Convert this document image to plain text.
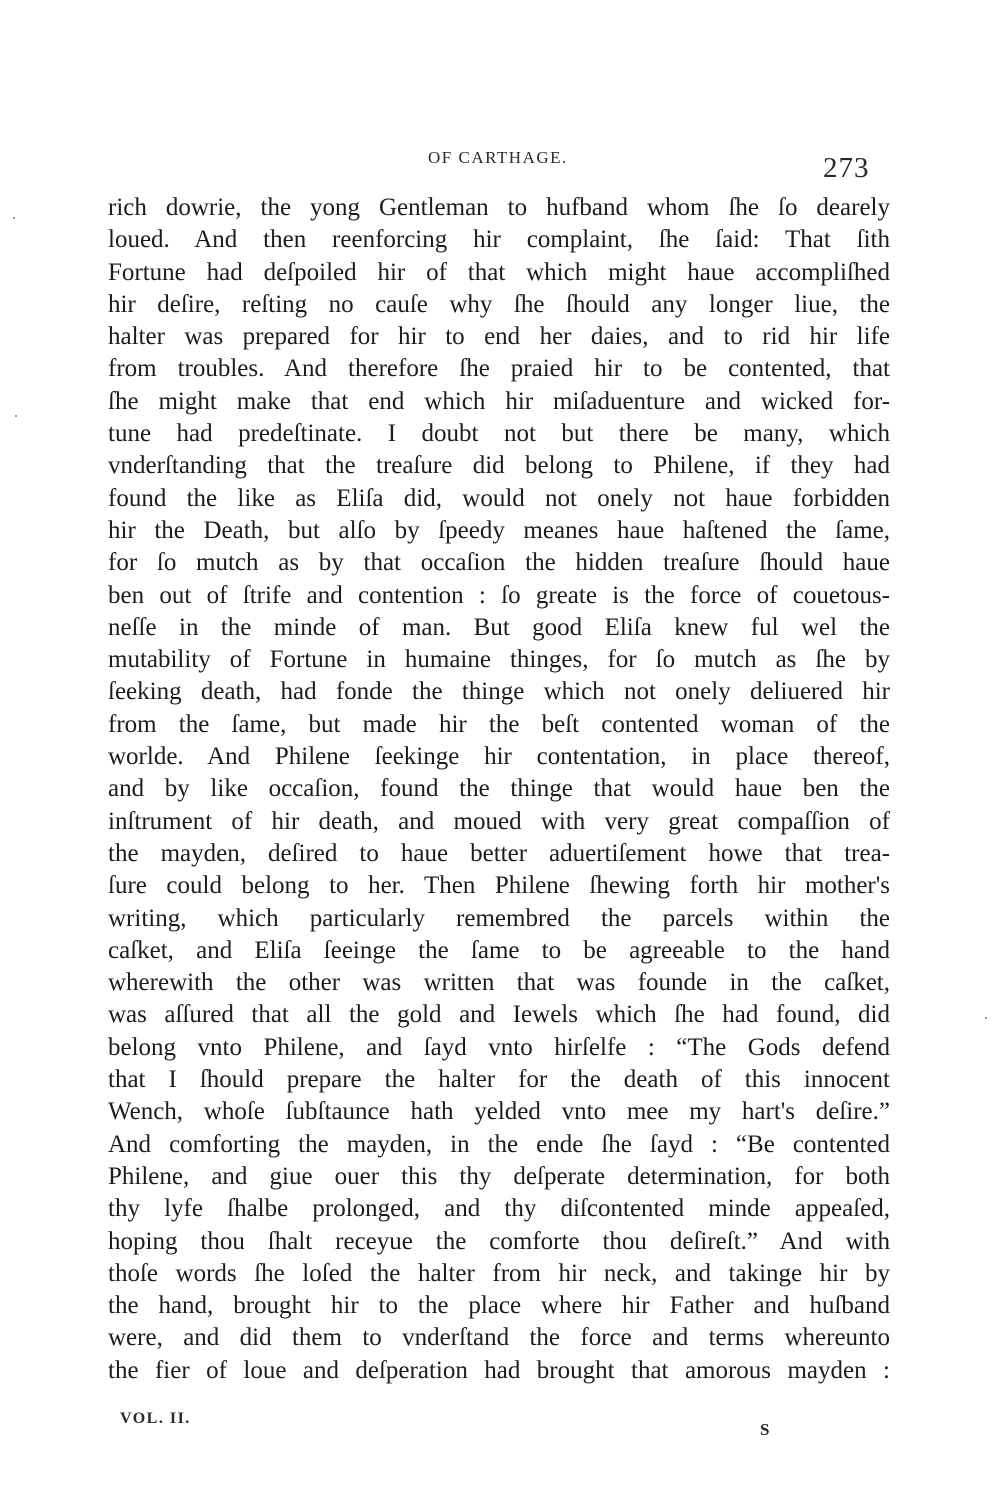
OF CARTHAGE.	273
rich dowrie, the yong Gentleman to hufband whom ſhe ſo dearely
loued. And then reenforcing hir complaint, ſhe ſaid: That ſith
Fortune had deſpoiled hir of that which might haue accompliſhed
hir deſire, reſting no cauſe why ſhe ſhould any longer liue, the
halter was prepared for hir to end her daies, and to rid hir life
from troubles. And therefore ſhe praied hir to be contented, that
ſhe might make that end which hir miſaduenture and wicked for-
tune had predeſtinate. I doubt not but there be many, which
vnderſtanding that the treaſure did belong to Philene, if they had
found the like as Eliſa did, would not onely not haue forbidden
hir the Death, but alſo by ſpeedy meanes haue haſtened the ſame,
for ſo mutch as by that occaſion the hidden treaſure ſhould haue
ben out of ſtrife and contention : ſo greate is the force of couetous-
neſſe in the minde of man. But good Eliſa knew ful wel the
mutability of Fortune in humaine thinges, for ſo mutch as ſhe by
ſeeking death, had fonde the thinge which not onely deliuered hir
from the ſame, but made hir the beſt contented woman of the
worlde. And Philene ſeekinge hir contentation, in place thereof,
and by like occaſion, found the thinge that would haue ben the
inſtrument of hir death, and moued with very great compaſſion of
the mayden, deſired to haue better aduertiſement howe that trea-
ſure could belong to her. Then Philene ſhewing forth hir mother's
writing, which particularly remembred the parcels within the
caſket, and Eliſa ſeeinge the ſame to be agreeable to the hand
wherewith the other was written that was founde in the caſket,
was aſſured that all the gold and Iewels which ſhe had found, did
belong vnto Philene, and ſayd vnto hirſelfe : “The Gods defend
that I ſhould prepare the halter for the death of this innocent
Wench, whoſe ſubſtaunce hath yelded vnto mee my hart's deſire.”
And comforting the mayden, in the ende ſhe ſayd : “Be contented
Philene, and giue ouer this thy deſperate determination, for both
thy lyfe ſhalbe prolonged, and thy diſcontented minde appeaſed,
hoping thou ſhalt receyue the comforte thou deſireſt.” And with
thoſe words ſhe loſed the halter from hir neck, and takinge hir by
the hand, brought hir to the place where hir Father and huſband
were, and did them to vnderſtand the force and terms whereunto
the fier of loue and deſperation had brought that amorous mayden :
VOL. II.
S
